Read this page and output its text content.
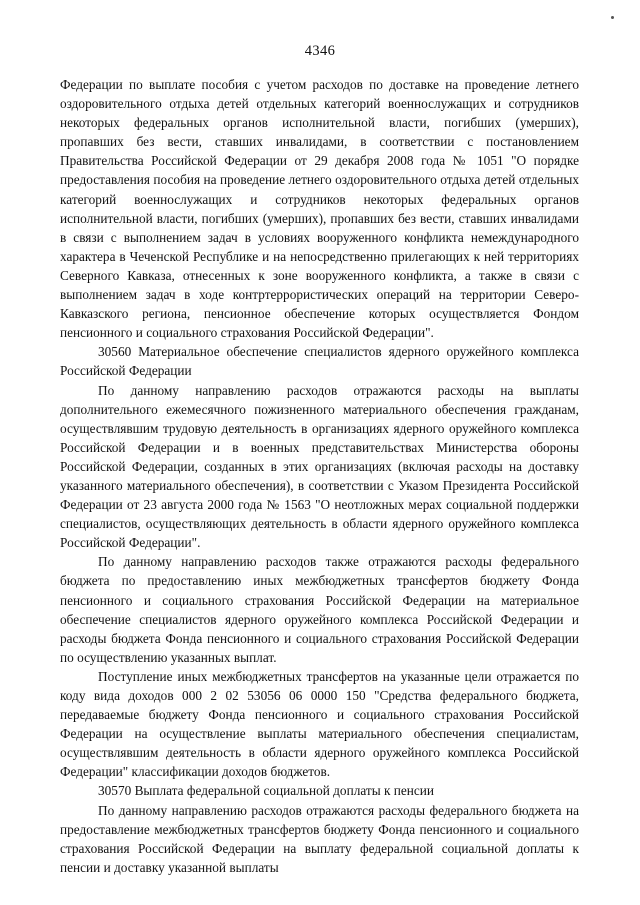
4346

Федерации по выплате пособия с учетом расходов по доставке на проведение летнего оздоровительного отдыха детей отдельных категорий военнослужащих и сотрудников некоторых федеральных органов исполнительной власти, погибших (умерших), пропавших без вести, ставших инвалидами, в соответствии с постановлением Правительства Российской Федерации от 29 декабря 2008 года № 1051 "О порядке предоставления пособия на проведение летнего оздоровительного отдыха детей отдельных категорий военнослужащих и сотрудников некоторых федеральных органов исполнительной власти, погибших (умерших), пропавших без вести, ставших инвалидами в связи с выполнением задач в условиях вооруженного конфликта немеждународного характера в Чеченской Республике и на непосредственно прилегающих к ней территориях Северного Кавказа, отнесенных к зоне вооруженного конфликта, а также в связи с выполнением задач в ходе контртеррористических операций на территории Северо-Кавказского региона, пенсионное обеспечение которых осуществляется Фондом пенсионного и социального страхования Российской Федерации".

30560 Материальное обеспечение специалистов ядерного оружейного комплекса Российской Федерации

По данному направлению расходов отражаются расходы на выплаты дополнительного ежемесячного пожизненного материального обеспечения гражданам, осуществлявшим трудовую деятельность в организациях ядерного оружейного комплекса Российской Федерации и в военных представительствах Министерства обороны Российской Федерации, созданных в этих организациях (включая расходы на доставку указанного материального обеспечения), в соответствии с Указом Президента Российской Федерации от 23 августа 2000 года № 1563 "О неотложных мерах социальной поддержки специалистов, осуществляющих деятельность в области ядерного оружейного комплекса Российской Федерации".

По данному направлению расходов также отражаются расходы федерального бюджета по предоставлению иных межбюджетных трансфертов бюджету Фонда пенсионного и социального страхования Российской Федерации на материальное обеспечение специалистов ядерного оружейного комплекса Российской Федерации и расходы бюджета Фонда пенсионного и социального страхования Российской Федерации по осуществлению указанных выплат.

Поступление иных межбюджетных трансфертов на указанные цели отражается по коду вида доходов 000 2 02 53056 06 0000 150 "Средства федерального бюджета, передаваемые бюджету Фонда пенсионного и социального страхования Российской Федерации на осуществление выплаты материального обеспечения специалистам, осуществлявшим деятельность в области ядерного оружейного комплекса Российской Федерации" классификации доходов бюджетов.

30570 Выплата федеральной социальной доплаты к пенсии

По данному направлению расходов отражаются расходы федерального бюджета на предоставление межбюджетных трансфертов бюджету Фонда пенсионного и социального страхования Российской Федерации на выплату федеральной социальной доплаты к пенсии и доставку указанной выплаты
